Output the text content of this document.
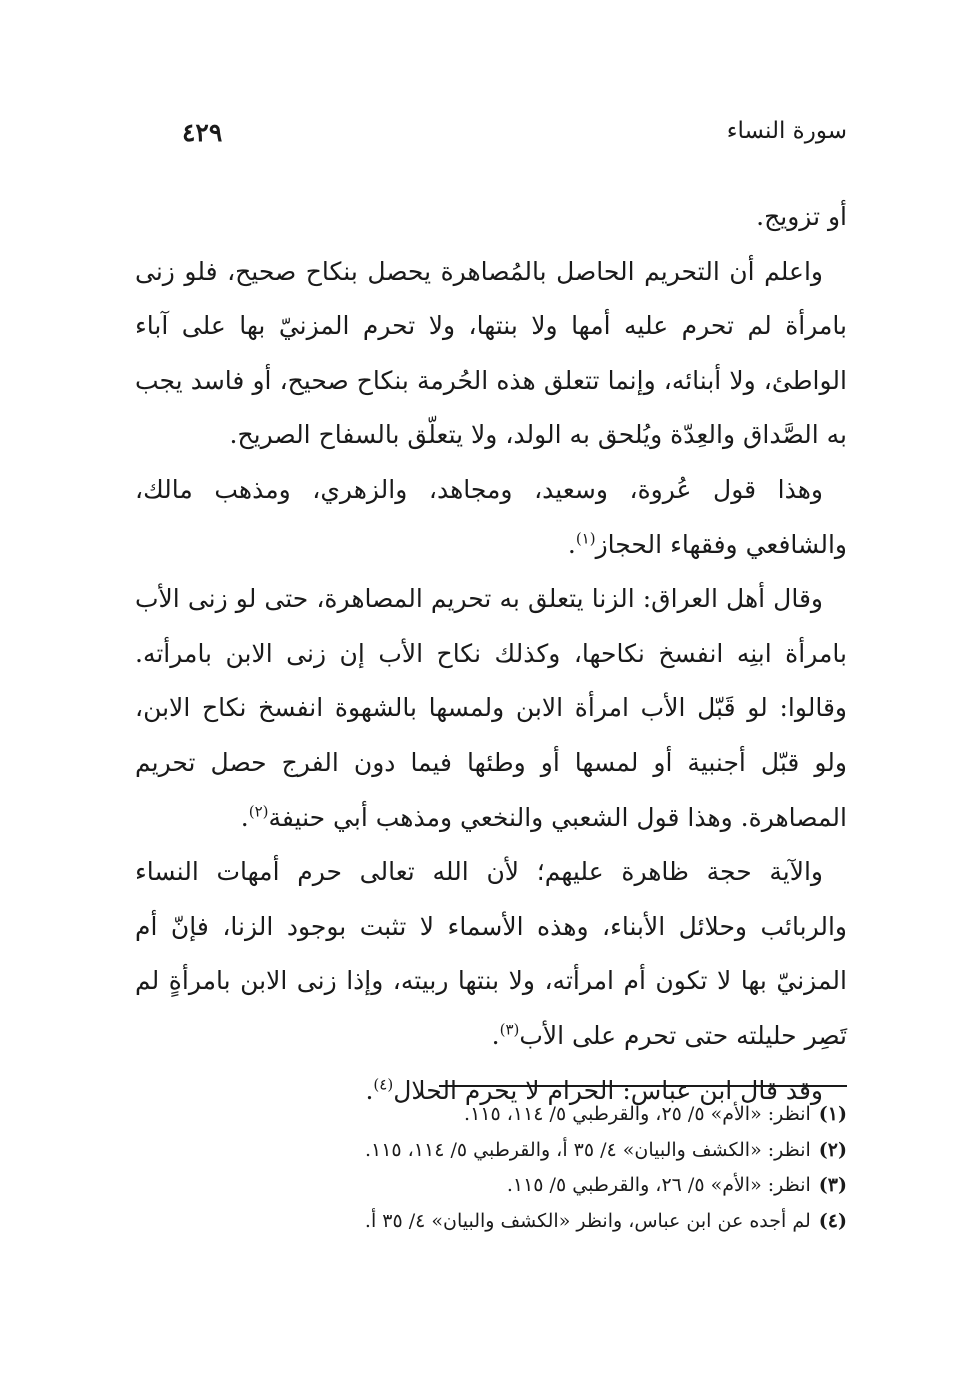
سورة النساء
٤٢٩

أو تزويج.

واعلم أن التحريم الحاصل بالمُصاهرة يحصل بنكاح صحيح، فلو زنى بامرأة لم تحرم عليه أمها ولا بنتها، ولا تحرم المزنيّ بها على آباء الواطئ، ولا أبنائه، وإنما تتعلق هذه الحُرمة بنكاح صحيح، أو فاسد يجب به الصَّداق والعِدّة ويُلحق به الولد، ولا يتعلّق بالسفاح الصريح.

وهذا قول عُروة، وسعيد، ومجاهد، والزهري، ومذهب مالك، والشافعي وفقهاء الحجاز$^{(١)}$.

وقال أهل العراق: الزنا يتعلق به تحريم المصاهرة، حتى لو زنى الأب بامرأة ابنِه انفسخ نكاحها، وكذلك نكاح الأب إن زنى الابن بامرأته. وقالوا: لو قَبّل الأب امرأة الابن ولمسها بالشهوة انفسخ نكاح الابن، ولو قبّل أجنبية أو لمسها أو وطئها فيما دون الفرج حصل تحريم المصاهرة. وهذا قول الشعبي والنخعي ومذهب أبي حنيفة$^{(٢)}$.

والآية حجة ظاهرة عليهم؛ لأن الله تعالى حرم أمهات النساء والربائب وحلائل الأبناء، وهذه الأسماء لا تثبت بوجود الزنا، فإنّ أم المزنيّ بها لا تكون أم امرأته، ولا بنتها ربيته، وإذا زنى الابن بامرأةٍ لم تَصِر حليلته حتى تحرم على الأب$^{(٣)}$.

وقد قال ابن عباس: الحرام لا يحرم الحلال$^{(٤)}$.

(١)انظر: «الأم» ٥/ ٢٥، والقرطبي ٥/ ١١٤، ١١٥.
(٢)انظر: «الكشف والبيان» ٤/ ٣٥ أ، والقرطبي ٥/ ١١٤، ١١٥.
(٣)انظر: «الأم» ٥/ ٢٦، والقرطبي ٥/ ١١٥.
(٤)لم أجده عن ابن عباس، وانظر «الكشف والبيان» ٤/ ٣٥ أ.
